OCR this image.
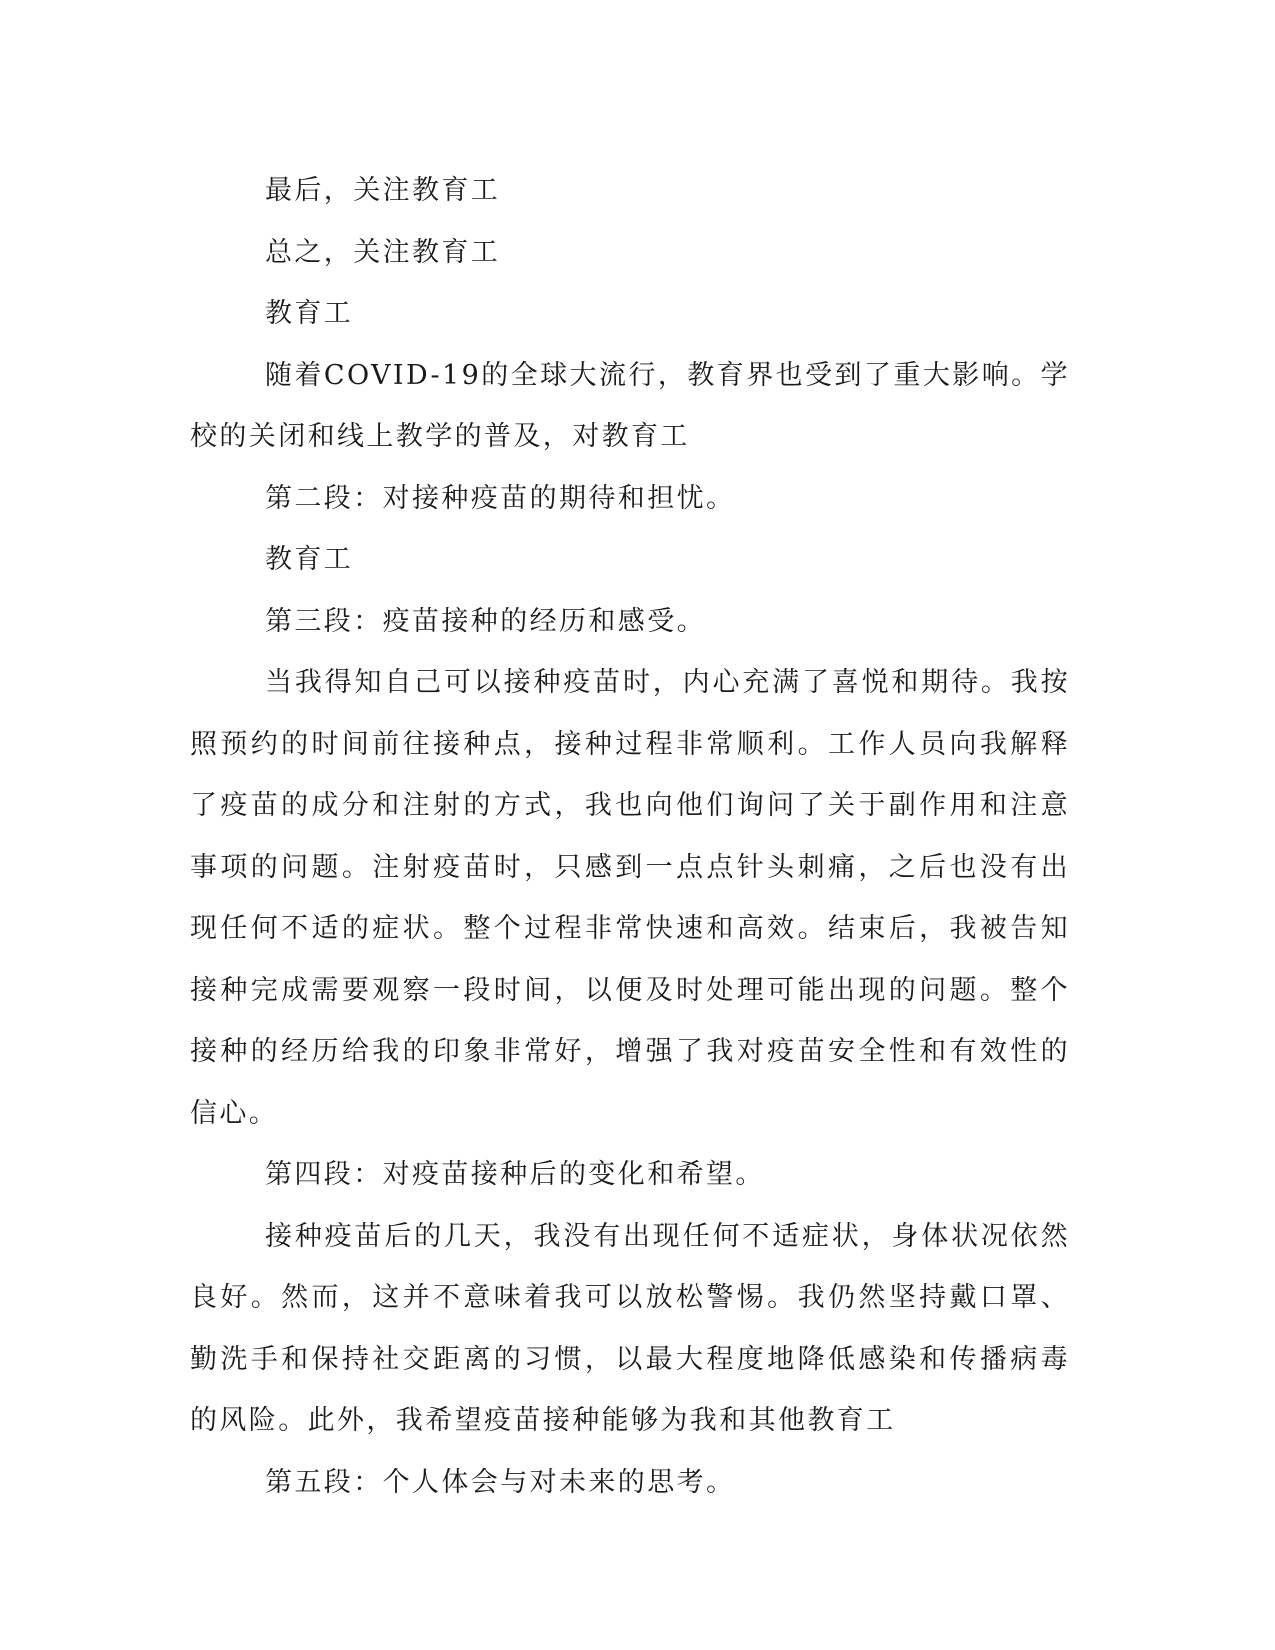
最后，关注教育工

总之，关注教育工

教育工

随着COVID-19的全球大流行，教育界也受到了重大影响。学校的关闭和线上教学的普及，对教育工

第二段：对接种疫苗的期待和担忧。

教育工

第三段：疫苗接种的经历和感受。

当我得知自己可以接种疫苗时，内心充满了喜悦和期待。我按照预约的时间前往接种点，接种过程非常顺利。工作人员向我解释了疫苗的成分和注射的方式，我也向他们询问了关于副作用和注意事项的问题。注射疫苗时，只感到一点点针头刺痛，之后也没有出现任何不适的症状。整个过程非常快速和高效。结束后，我被告知接种完成需要观察一段时间，以便及时处理可能出现的问题。整个接种的经历给我的印象非常好，增强了我对疫苗安全性和有效性的信心。

第四段：对疫苗接种后的变化和希望。

接种疫苗后的几天，我没有出现任何不适症状，身体状况依然良好。然而，这并不意味着我可以放松警惕。我仍然坚持戴口罩、勤洗手和保持社交距离的习惯，以最大程度地降低感染和传播病毒的风险。此外，我希望疫苗接种能够为我和其他教育工

第五段：个人体会与对未来的思考。
